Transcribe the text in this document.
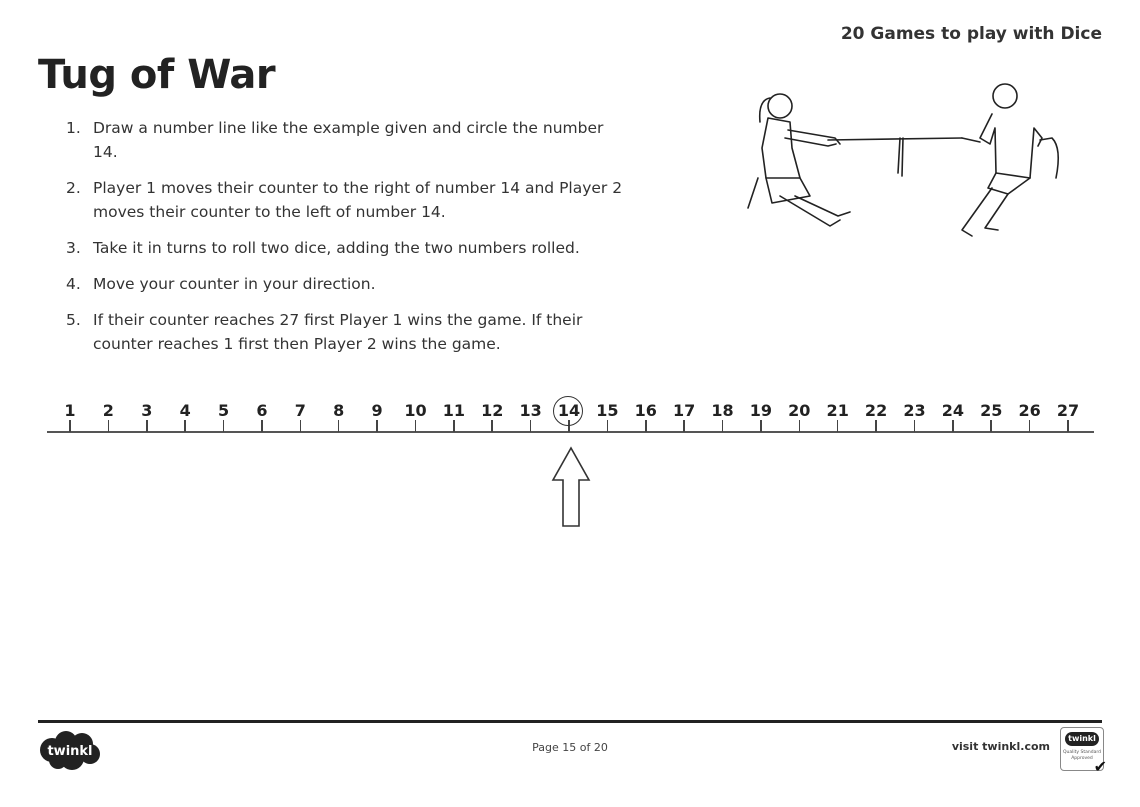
20 Games to play with Dice
Tug of War
1. Draw a number line like the example given and circle the number 14.
2. Player 1 moves their counter to the right of number 14 and Player 2 moves their counter to the left of number 14.
3. Take it in turns to roll two dice, adding the two numbers rolled.
4. Move your counter in your direction.
5. If their counter reaches 27 first Player 1 wins the game. If their counter reaches 1 first then Player 2 wins the game.
1 2 3 4 5 6 7 8 9 10 11 12 13 14 15 16 17 18 19 20 21 22 23 24 25 26 27
twinkl	Page 15 of 20	visit twinkl.com
twinkl
Quality Standard
Approved ✔
